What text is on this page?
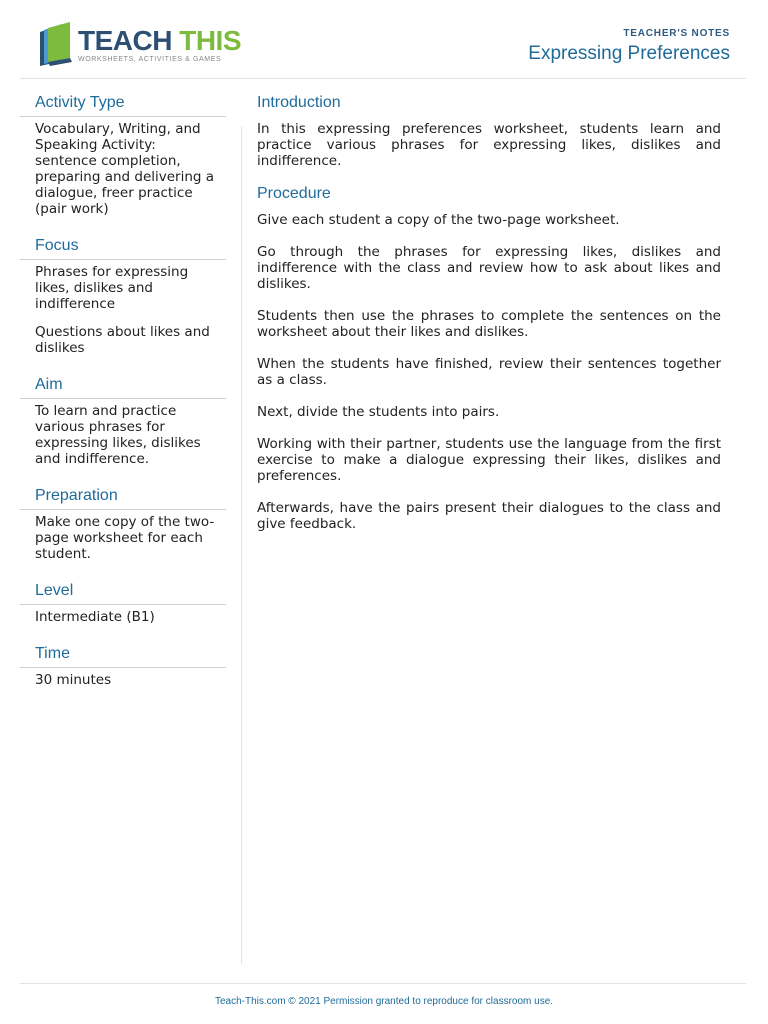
TEACH THIS
WORKSHEETS, ACTIVITIES & GAMES
TEACHER'S NOTES
Expressing Preferences
Activity Type

Vocabulary, Writing, and Speaking Activity: sentence completion, preparing and delivering a dialogue, freer practice (pair work)

Focus

Phrases for expressing likes, dislikes and indifference

Questions about likes and dislikes

Aim

To learn and practice various phrases for expressing likes, dislikes and indifference.

Preparation

Make one copy of the two-page worksheet for each student.

Level

Intermediate (B1)

Time

30 minutes

Introduction

In this expressing preferences worksheet, students learn and practice various phrases for expressing likes, dislikes and indifference.

Procedure

Give each student a copy of the two-page worksheet.

Go through the phrases for expressing likes, dislikes and indifference with the class and review how to ask about likes and dislikes.

Students then use the phrases to complete the sentences on the worksheet about their likes and dislikes.

When the students have finished, review their sentences together as a class.

Next, divide the students into pairs.

Working with their partner, students use the language from the first exercise to make a dialogue expressing their likes, dislikes and preferences.

Afterwards, have the pairs present their dialogues to the class and give feedback.

Teach-This.com © 2021 Permission granted to reproduce for classroom use.
